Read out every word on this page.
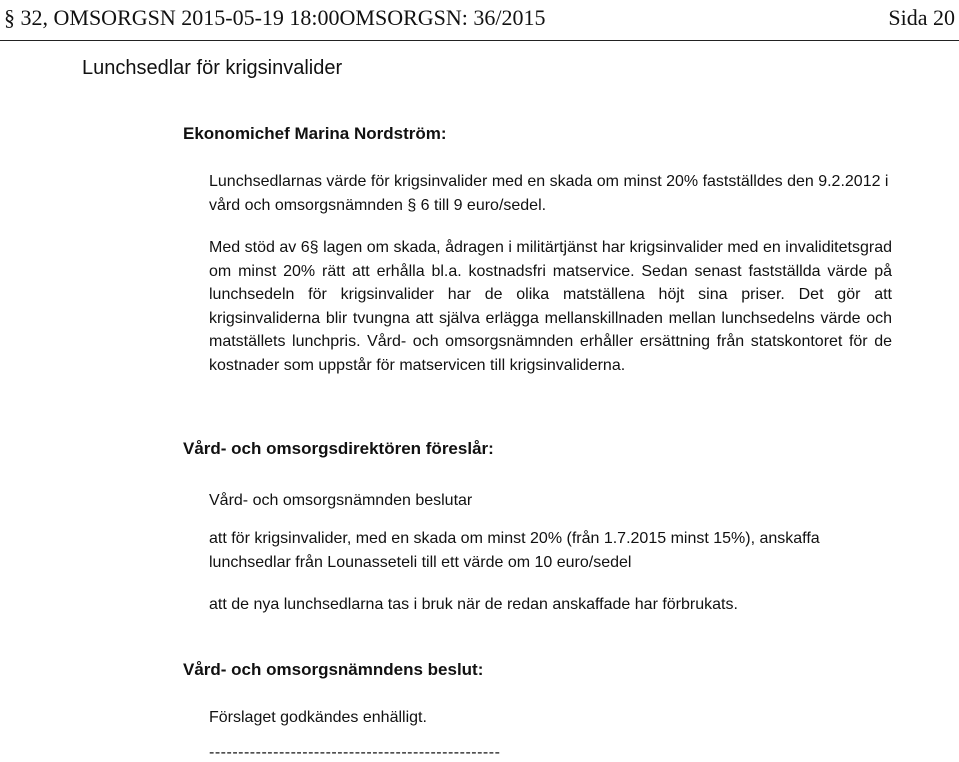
§ 32, OMSORGSN 2015-05-19 18:00OMSORGSN: 36/2015	Sida 20
Lunchsedlar för krigsinvalider
Ekonomichef Marina Nordström:

Lunchsedlarnas värde för krigsinvalider med en skada om minst 20% fastställdes den 9.2.2012 i vård och omsorgsnämnden § 6 till 9 euro/sedel.

Med stöd av 6§ lagen om skada, ådragen i militärtjänst har krigsinvalider med en invaliditetsgrad om minst 20% rätt att erhålla bl.a. kostnadsfri matservice. Sedan senast fastställda värde på lunchsedeln för krigsinvalider har de olika matställena höjt sina priser. Det gör att krigsinvaliderna blir tvungna att själva erlägga mellanskillnaden mellan lunchsedelns värde och matställets lunchpris. Vård- och omsorgsnämnden erhåller ersättning från statskontoret för de kostnader som uppstår för matservicen till krigsinvaliderna.

Vård- och omsorgsdirektören föreslår:

Vård- och omsorgsnämnden beslutar

att för krigsinvalider, med en skada om minst 20% (från 1.7.2015 minst 15%), anskaffa lunchsedlar från Lounasseteli till ett värde om 10 euro/sedel

att de nya lunchsedlarna tas i bruk när de redan anskaffade har förbrukats.

Vård- och omsorgsnämndens beslut:

Förslaget godkändes enhälligt.

--------------------------------------------------
